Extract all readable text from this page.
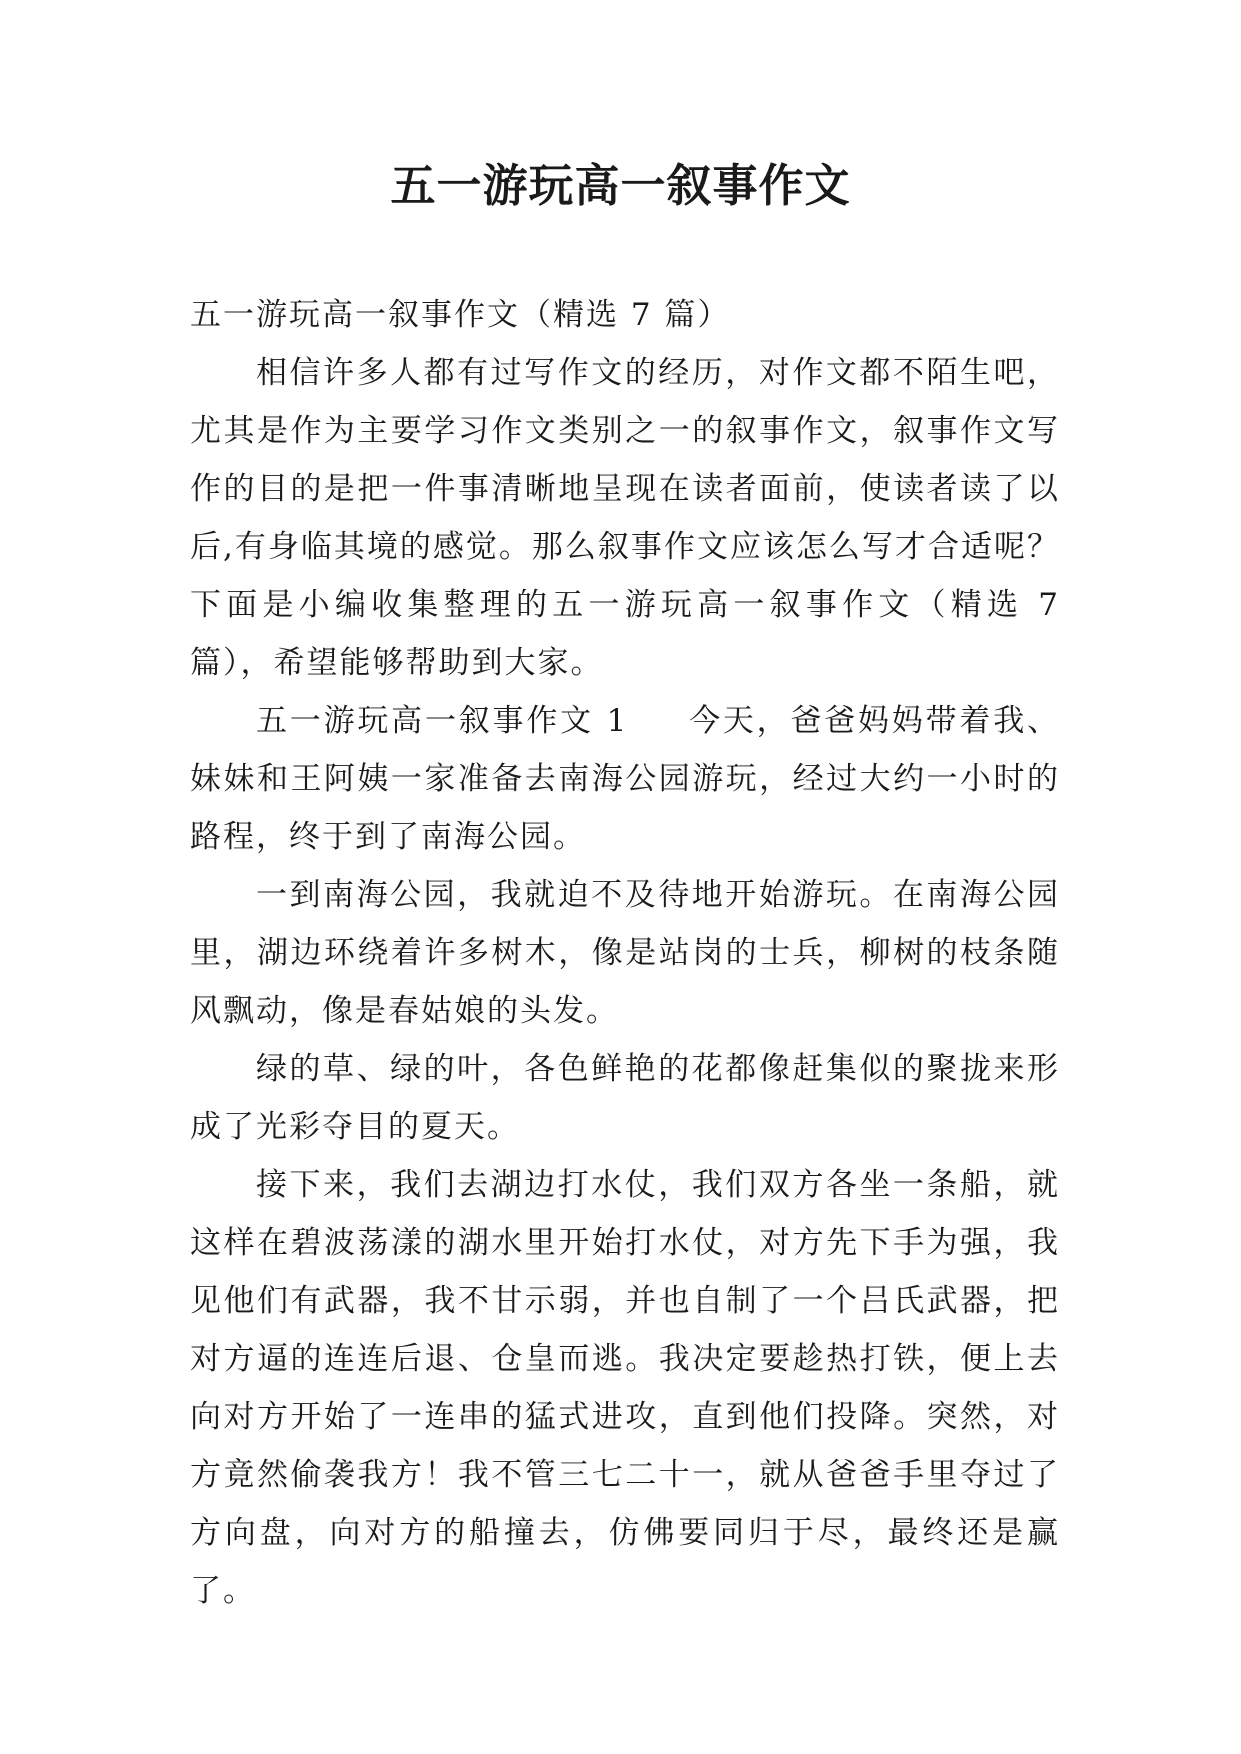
五一游玩高一叙事作文

五一游玩高一叙事作文（精选 7 篇）

相信许多人都有过写作文的经历，对作文都不陌生吧，尤其是作为主要学习作文类别之一的叙事作文，叙事作文写作的目的是把一件事清晰地呈现在读者面前，使读者读了以后,有身临其境的感觉。那么叙事作文应该怎么写才合适呢？下面是小编收集整理的五一游玩高一叙事作文（精选 7 篇），希望能够帮助到大家。

五一游玩高一叙事作文 1 今天，爸爸妈妈带着我、妹妹和王阿姨一家准备去南海公园游玩，经过大约一小时的路程，终于到了南海公园。

一到南海公园，我就迫不及待地开始游玩。在南海公园里，湖边环绕着许多树木，像是站岗的士兵，柳树的枝条随风飘动，像是春姑娘的头发。

绿的草、绿的叶，各色鲜艳的花都像赶集似的聚拢来形成了光彩夺目的夏天。

接下来，我们去湖边打水仗，我们双方各坐一条船，就这样在碧波荡漾的湖水里开始打水仗，对方先下手为强，我见他们有武器，我不甘示弱，并也自制了一个吕氏武器，把对方逼的连连后退、仓皇而逃。我决定要趁热打铁，便上去向对方开始了一连串的猛式进攻，直到他们投降。突然，对方竟然偷袭我方！我不管三七二十一，就从爸爸手里夺过了方向盘，向对方的船撞去，仿佛要同归于尽，最终还是赢了。
